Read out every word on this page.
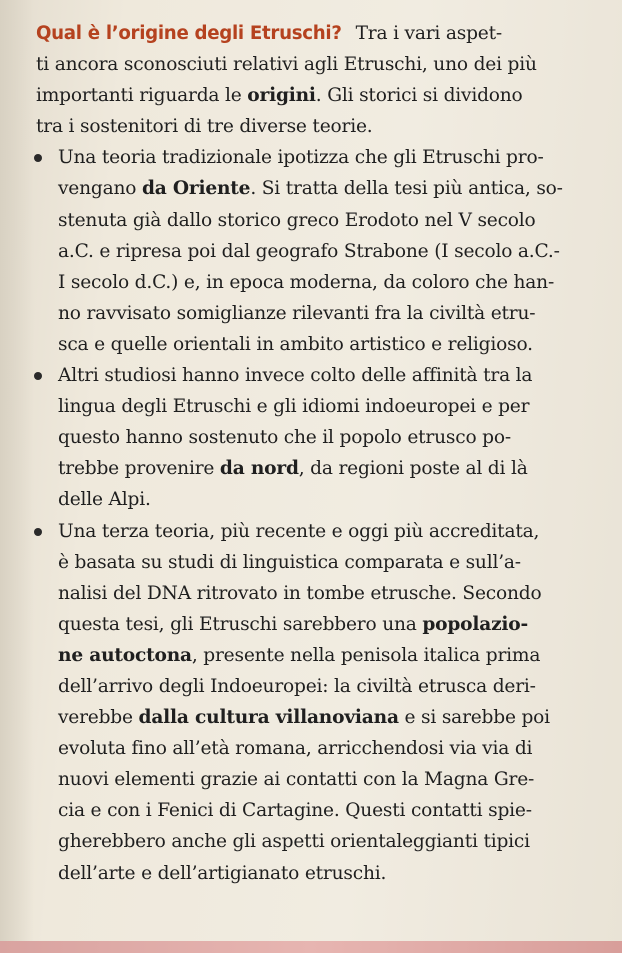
Qual è l’origine degli Etruschi? Tra i vari aspet-
ti ancora sconosciuti relativi agli Etruschi, uno dei più
importanti riguarda le origini. Gli storici si dividono
tra i sostenitori di tre diverse teorie.
Una teoria tradizionale ipotizza che gli Etruschi pro-
vengano da Oriente. Si tratta della tesi più antica, so-
stenuta già dallo storico greco Erodoto nel V secolo
a.C. e ripresa poi dal geografo Strabone (I secolo a.C.-
I secolo d.C.) e, in epoca moderna, da coloro che han-
no ravvisato somiglianze rilevanti fra la civiltà etru-
sca e quelle orientali in ambito artistico e religioso.
Altri studiosi hanno invece colto delle affinità tra la
lingua degli Etruschi e gli idiomi indoeuropei e per
questo hanno sostenuto che il popolo etrusco po-
trebbe provenire da nord, da regioni poste al di là
delle Alpi.
Una terza teoria, più recente e oggi più accreditata,
è basata su studi di linguistica comparata e sull’a-
nalisi del DNA ritrovato in tombe etrusche. Secondo
questa tesi, gli Etruschi sarebbero una popolazio-
ne autoctona, presente nella penisola italica prima
dell’arrivo degli Indoeuropei: la civiltà etrusca deri-
verebbe dalla cultura villanoviana e si sarebbe poi
evoluta fino all’età romana, arricchendosi via via di
nuovi elementi grazie ai contatti con la Magna Gre-
cia e con i Fenici di Cartagine. Questi contatti spie-
gherebbero anche gli aspetti orientaleggianti tipici
dell’arte e dell’artigianato etruschi.
